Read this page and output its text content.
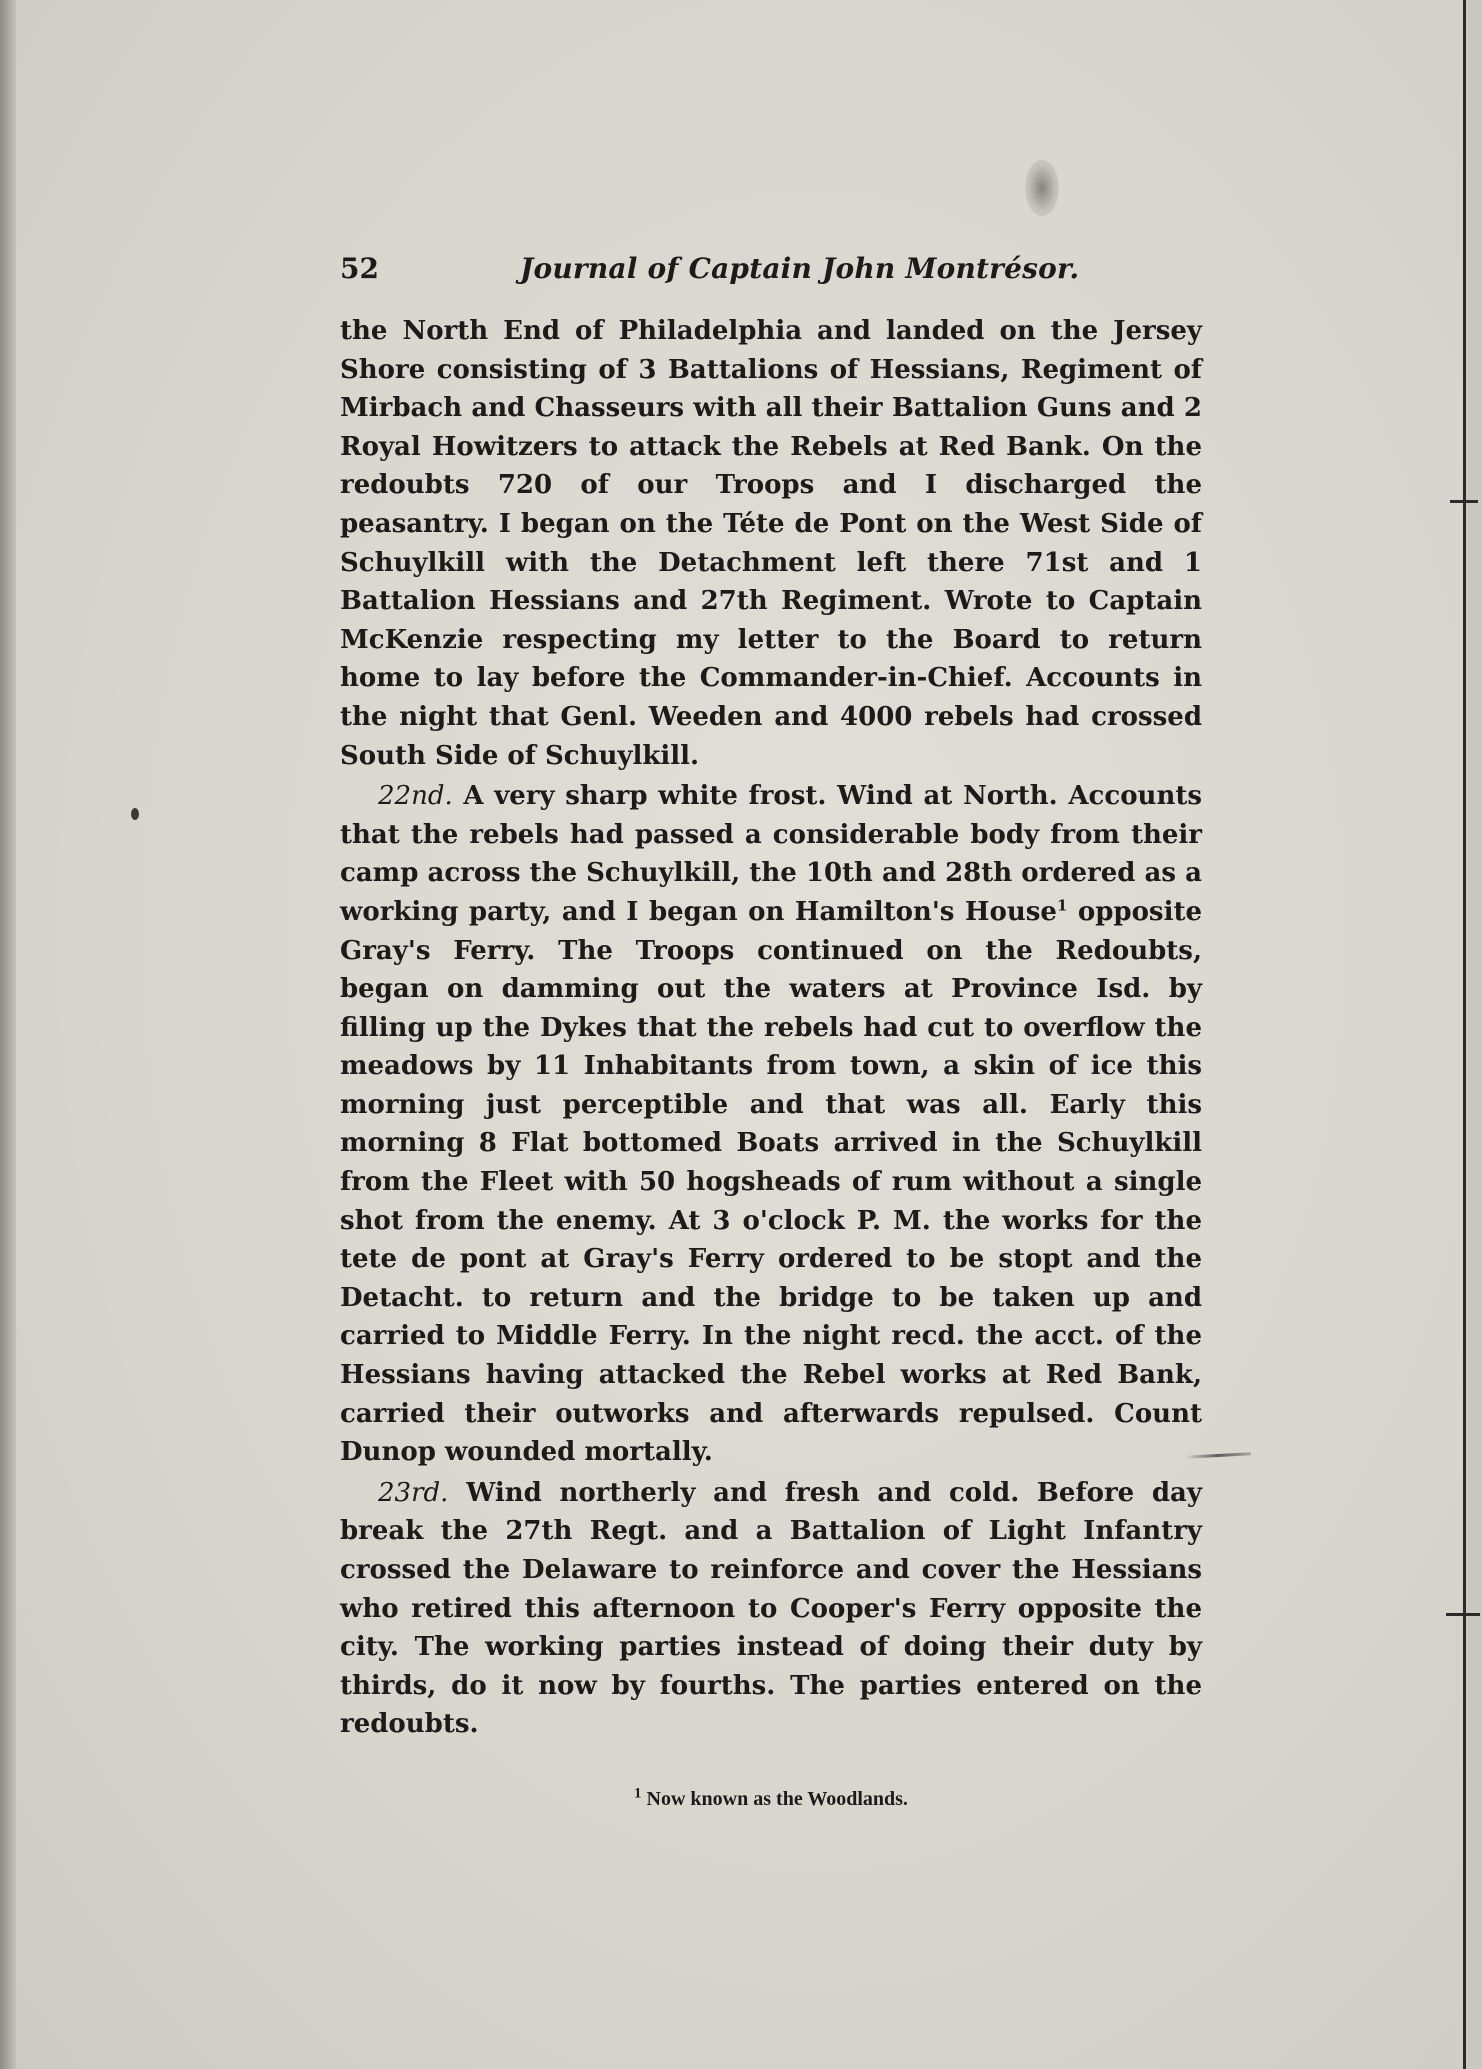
52	Journal of Captain John Montrésor.

the North End of Philadelphia and landed on the Jersey Shore consisting of 3 Battalions of Hessians, Regiment of Mirbach and Chasseurs with all their Battalion Guns and 2 Royal Howitzers to attack the Rebels at Red Bank. On the redoubts 720 of our Troops and I discharged the peasantry. I began on the Téte de Pont on the West Side of Schuylkill with the Detachment left there 71st and 1 Battalion Hessians and 27th Regiment. Wrote to Captain McKenzie respecting my letter to the Board to return home to lay before the Commander-in-Chief. Accounts in the night that Genl. Weeden and 4000 rebels had crossed South Side of Schuylkill.

22nd. A very sharp white frost. Wind at North. Accounts that the rebels had passed a considerable body from their camp across the Schuylkill, the 10th and 28th ordered as a working party, and I began on Hamilton's House$^1$ opposite Gray's Ferry. The Troops continued on the Redoubts, began on damming out the waters at Province Isd. by filling up the Dykes that the rebels had cut to overflow the meadows by 11 Inhabitants from town, a skin of ice this morning just perceptible and that was all. Early this morning 8 Flat bottomed Boats arrived in the Schuylkill from the Fleet with 50 hogsheads of rum without a single shot from the enemy. At 3 o'clock P. M. the works for the tete de pont at Gray's Ferry ordered to be stopt and the Detacht. to return and the bridge to be taken up and carried to Middle Ferry. In the night recd. the acct. of the Hessians having attacked the Rebel works at Red Bank, carried their outworks and afterwards repulsed. Count Dunop wounded mortally.

23rd. Wind northerly and fresh and cold. Before day break the 27th Regt. and a Battalion of Light Infantry crossed the Delaware to reinforce and cover the Hessians who retired this afternoon to Cooper's Ferry opposite the city. The working parties instead of doing their duty by thirds, do it now by fourths. The parties entered on the redoubts.

$^1$ Now known as the Woodlands.
